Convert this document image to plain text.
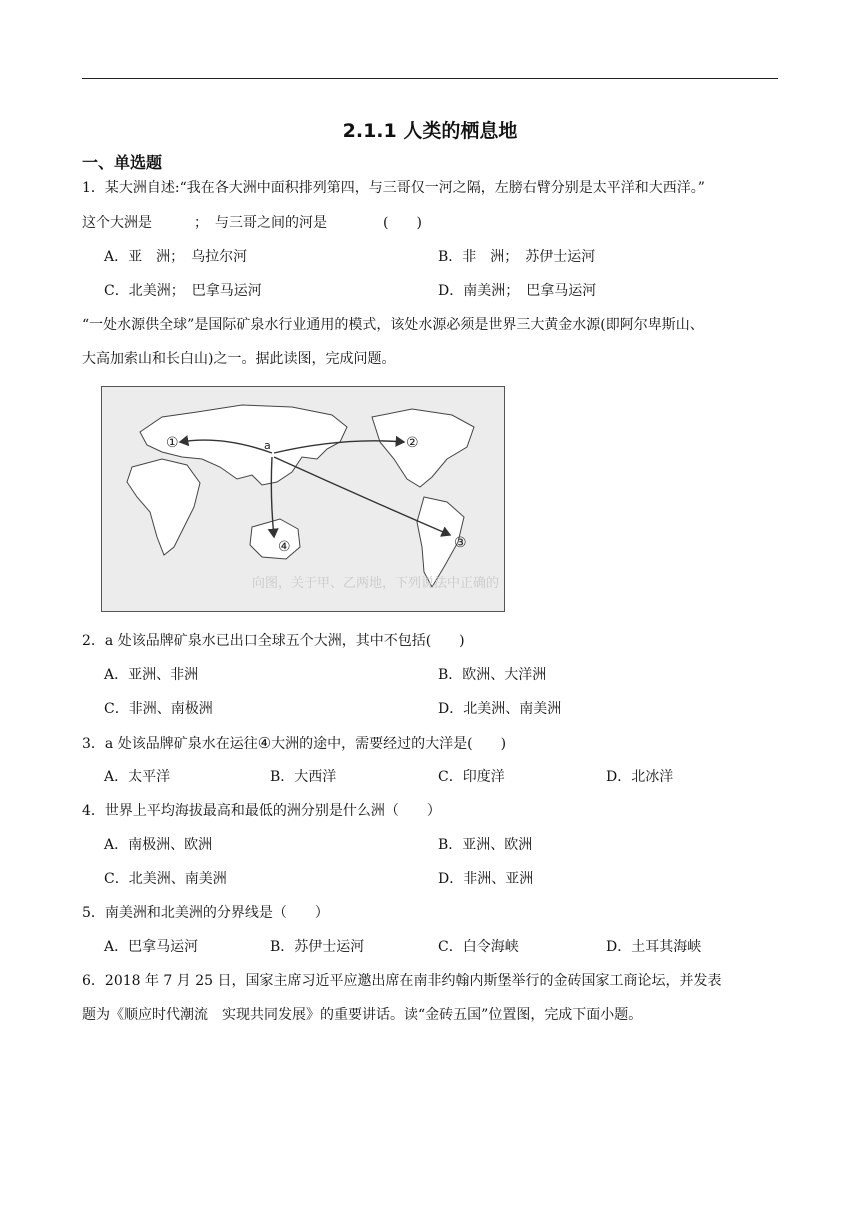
2.1.1 人类的栖息地
一、单选题
1．某大洲自述:“我在各大洲中面积排列第四，与三哥仅一河之隔，左膀右臂分别是太平洋和大西洋。”
这个大洲是　　　；　与三哥之间的河是　　　　(　　)
A．亚　洲；　乌拉尔河	B．非　洲；　苏伊士运河
C．北美洲；　巴拿马运河	D．南美洲；　巴拿马运河
“一处水源供全球”是国际矿泉水行业通用的模式，该处水源必须是世界三大黄金水源(即阿尔卑斯山、
大高加索山和长白山)之一。据此读图，完成问题。
①	②
③
④
a
向图，关于甲、乙两地，下列说法中正确的
2．a 处该品牌矿泉水已出口全球五个大洲，其中不包括(　　)
A．亚洲、非洲	B．欧洲、大洋洲
C．非洲、南极洲	D．北美洲、南美洲
3．a 处该品牌矿泉水在运往④大洲的途中，需要经过的大洋是(　　)
A．太平洋	B．大西洋	C．印度洋	D．北冰洋
4．世界上平均海拔最高和最低的洲分别是什么洲（　　）
A．南极洲、欧洲	B．亚洲、欧洲
C．北美洲、南美洲	D．非洲、亚洲
5．南美洲和北美洲的分界线是（　　）
A．巴拿马运河	B．苏伊士运河	C．白令海峡	D．土耳其海峡
6．2018 年 7 月 25 日，国家主席习近平应邀出席在南非约翰内斯堡举行的金砖国家工商论坛，并发表
题为《顺应时代潮流　实现共同发展》的重要讲话。读“金砖五国”位置图，完成下面小题。
